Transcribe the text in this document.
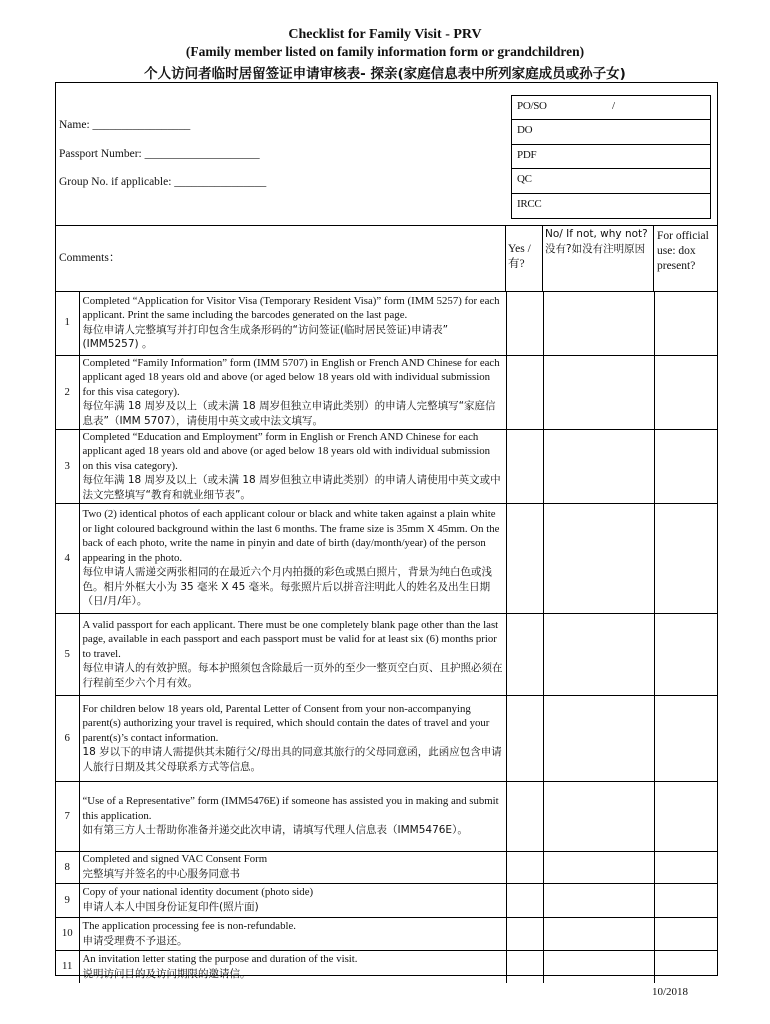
Checklist for Family Visit - PRV
(Family member listed on family information form or grandchildren)
个人访问者临时居留签证申请审核表- 探亲(家庭信息表中所列家庭成员或孙子女)
Name: _________________
Passport Number: ____________________
Group No. if applicable: ________________
PO/SO	/
DO
PDF
QC
IRCC
Comments：
Yes /有?
No/ If not, why not? 没有?如没有注明原因
For official use: dox present?
1	Completed “Application for Visitor Visa (Temporary Resident Visa)” form (IMM 5257) for each applicant. Print the same including the barcodes generated on the last page.
每位申请人完整填写并打印包含生成条形码的“访问签证(临时居民签证)申请表” (IMM5257) 。			

2	Completed “Family Information” form (IMM 5707) in English or French AND Chinese for each applicant aged 18 years old and above (or aged below 18 years old with individual submission for this visa category).
每位年满 18 周岁及以上（或未满 18 周岁但独立申请此类别）的申请人完整填写“家庭信息表”（IMM 5707），请使用中英文或中法文填写。			

3	Completed “Education and Employment” form in English or French AND Chinese for each applicant aged 18 years old and above (or aged below 18 years old with individual submission on this visa category).
每位年满 18 周岁及以上（或未满 18 周岁但独立申请此类别）的申请人请使用中英文或中法文完整填写“教育和就业细节表”。			

4	Two (2) identical photos of each applicant colour or black and white taken against a plain white or light coloured background within the last 6 months. The frame size is 35mm X 45mm. On the back of each photo, write the name in pinyin and date of birth (day/month/year) of the person appearing in the photo.
每位申请人需递交两张相同的在最近六个月内拍摄的彩色或黑白照片，背景为纯白色或浅色。相片外框大小为 35 毫米 X 45 毫米。每张照片后以拼音注明此人的姓名及出生日期（日/月/年）。			

5	A valid passport for each applicant. There must be one completely blank page other than the last page, available in each passport and each passport must be valid for at least six (6) months prior to travel.
每位申请人的有效护照。每本护照须包含除最后一页外的至少一整页空白页、且护照必须在行程前至少六个月有效。			

6	For children below 18 years old, Parental Letter of Consent from your non-accompanying parent(s) authorizing your travel is required, which should contain the dates of travel and your parent(s)’s contact information.
18 岁以下的申请人需提供其未随行父/母出具的同意其旅行的父母同意函，此函应包含申请人旅行日期及其父母联系方式等信息。			

7	“Use of a Representative” form (IMM5476E) if someone has assisted you in making and submit this application.
如有第三方人士帮助你准备并递交此次申请，请填写代理人信息表（IMM5476E）。			

8	Completed and signed VAC Consent Form
完整填写并签名的中心服务同意书			

9	Copy of your national identity document (photo side)
申请人本人中国身份证复印件(照片面)			

10	The application processing fee is non-refundable.
申请受理费不予退还。			

11	An invitation letter stating the purpose and duration of the visit.
说明访问目的及访问期限的邀请信。			

10/2018
